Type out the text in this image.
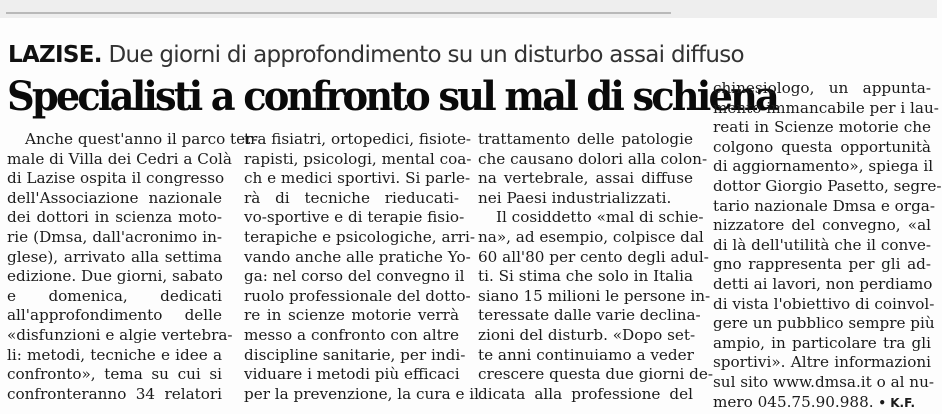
LAZISE. Due giorni di approfondimento su un disturbo assai diffuso
Specialisti a confronto sul mal di schiena
Anche quest'anno il parco ter-
male di Villa dei Cedri a Colà
di Lazise ospita il congresso
dell'Associazione nazionale
dei dottori in scienza moto-
rie (Dmsa, dall'acronimo in-
glese), arrivato alla settima
edizione. Due giorni, sabato
e domenica, dedicati
all'approfondimento delle
«disfunzioni e algie vertebra-
li: metodi, tecniche e idee a
confronto», tema su cui si
confronteranno 34 relatori
tra fisiatri, ortopedici, fisiote-
rapisti, psicologi, mental coa-
ch e medici sportivi. Si parle-
rà di tecniche rieducati-
vo-sportive e di terapie fisio-
terapiche e psicologiche, arri-
vando anche alle pratiche Yo-
ga: nel corso del convegno il
ruolo professionale del dotto-
re in scienze motorie verrà
messo a confronto con altre
discipline sanitarie, per indi-
viduare i metodi più efficaci
per la prevenzione, la cura e il
trattamento delle patologie
che causano dolori alla colon-
na vertebrale, assai diffuse
nei Paesi industrializzati.
Il cosiddetto «mal di schie-
na», ad esempio, colpisce dal
60 all'80 per cento degli adul-
ti. Si stima che solo in Italia
siano 15 milioni le persone in-
teressate dalle varie declina-
zioni del disturb. «Dopo set-
te anni continuiamo a veder
crescere questa due giorni de-
dicata alla professione del
chinesiologo, un appunta-
mento immancabile per i lau-
reati in Scienze motorie che
colgono questa opportunità
di aggiornamento», spiega il
dottor Giorgio Pasetto, segre-
tario nazionale Dmsa e orga-
nizzatore del convegno, «al
di là dell'utilità che il conve-
gno rappresenta per gli ad-
detti ai lavori, non perdiamo
di vista l'obiettivo di coinvol-
gere un pubblico sempre più
ampio, in particolare tra gli
sportivi». Altre informazioni
sul sito www.dmsa.it o al nu-
mero 045.75.90.988. • K.F.
